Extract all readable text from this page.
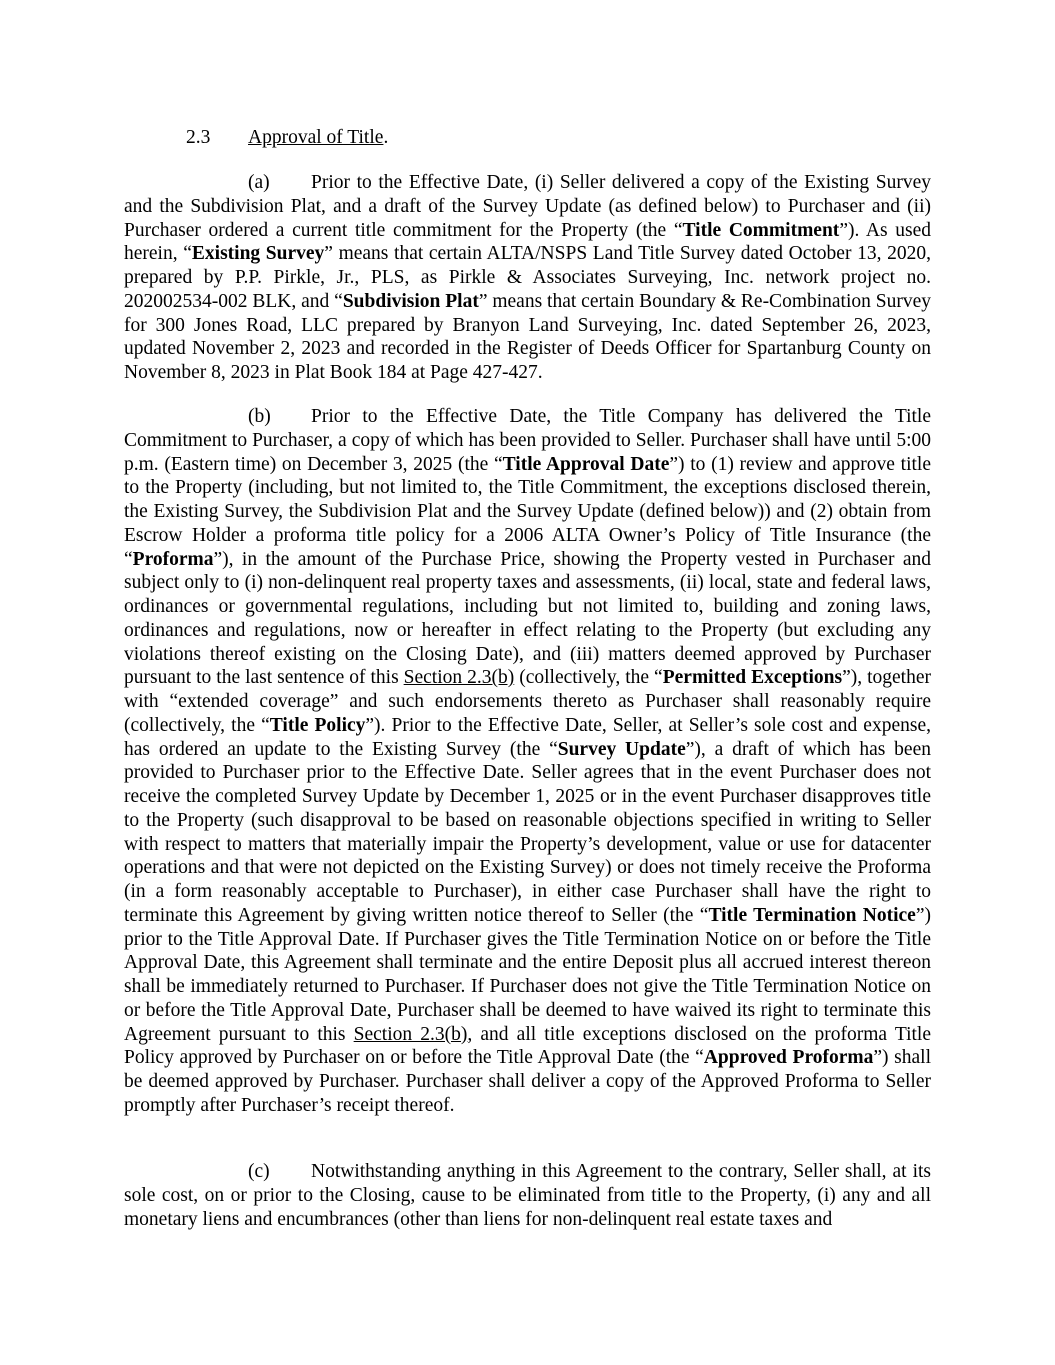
2.3 Approval of Title.

(a) Prior to the Effective Date, (i) Seller delivered a copy of the Existing Survey and the Subdivision Plat, and a draft of the Survey Update (as defined below) to Purchaser and (ii) Purchaser ordered a current title commitment for the Property (the “Title Commitment”). As used herein, “Existing Survey” means that certain ALTA/NSPS Land Title Survey dated October 13, 2020, prepared by P.P. Pirkle, Jr., PLS, as Pirkle & Associates Surveying, Inc. network project no. 202002534-002 BLK, and “Subdivision Plat” means that certain Boundary & Re-Combination Survey for 300 Jones Road, LLC prepared by Branyon Land Surveying, Inc. dated September 26, 2023, updated November 2, 2023 and recorded in the Register of Deeds Officer for Spartanburg County on November 8, 2023 in Plat Book 184 at Page 427-427.

(b) Prior to the Effective Date, the Title Company has delivered the Title Commitment to Purchaser, a copy of which has been provided to Seller. Purchaser shall have until 5:00 p.m. (Eastern time) on December 3, 2025 (the “Title Approval Date”) to (1) review and approve title to the Property (including, but not limited to, the Title Commitment, the exceptions disclosed therein, the Existing Survey, the Subdivision Plat and the Survey Update (defined below)) and (2) obtain from Escrow Holder a proforma title policy for a 2006 ALTA Owner’s Policy of Title Insurance (the “Proforma”), in the amount of the Purchase Price, showing the Property vested in Purchaser and subject only to (i) non-delinquent real property taxes and assessments, (ii) local, state and federal laws, ordinances or governmental regulations, including but not limited to, building and zoning laws, ordinances and regulations, now or hereafter in effect relating to the Property (but excluding any violations thereof existing on the Closing Date), and (iii) matters deemed approved by Purchaser pursuant to the last sentence of this Section 2.3(b) (collectively, the “Permitted Exceptions”), together with “extended coverage” and such endorsements thereto as Purchaser shall reasonably require (collectively, the “Title Policy”). Prior to the Effective Date, Seller, at Seller’s sole cost and expense, has ordered an update to the Existing Survey (the “Survey Update”), a draft of which has been provided to Purchaser prior to the Effective Date. Seller agrees that in the event Purchaser does not receive the completed Survey Update by December 1, 2025 or in the event Purchaser disapproves title to the Property (such disapproval to be based on reasonable objections specified in writing to Seller with respect to matters that materially impair the Property’s development, value or use for datacenter operations and that were not depicted on the Existing Survey) or does not timely receive the Proforma (in a form reasonably acceptable to Purchaser), in either case Purchaser shall have the right to terminate this Agreement by giving written notice thereof to Seller (the “Title Termination Notice”) prior to the Title Approval Date. If Purchaser gives the Title Termination Notice on or before the Title Approval Date, this Agreement shall terminate and the entire Deposit plus all accrued interest thereon shall be immediately returned to Purchaser. If Purchaser does not give the Title Termination Notice on or before the Title Approval Date, Purchaser shall be deemed to have waived its right to terminate this Agreement pursuant to this Section 2.3(b), and all title exceptions disclosed on the proforma Title Policy approved by Purchaser on or before the Title Approval Date (the “Approved Proforma”) shall be deemed approved by Purchaser. Purchaser shall deliver a copy of the Approved Proforma to Seller promptly after Purchaser’s receipt thereof.

(c) Notwithstanding anything in this Agreement to the contrary, Seller shall, at its sole cost, on or prior to the Closing, cause to be eliminated from title to the Property, (i) any and all monetary liens and encumbrances (other than liens for non-delinquent real estate taxes and
